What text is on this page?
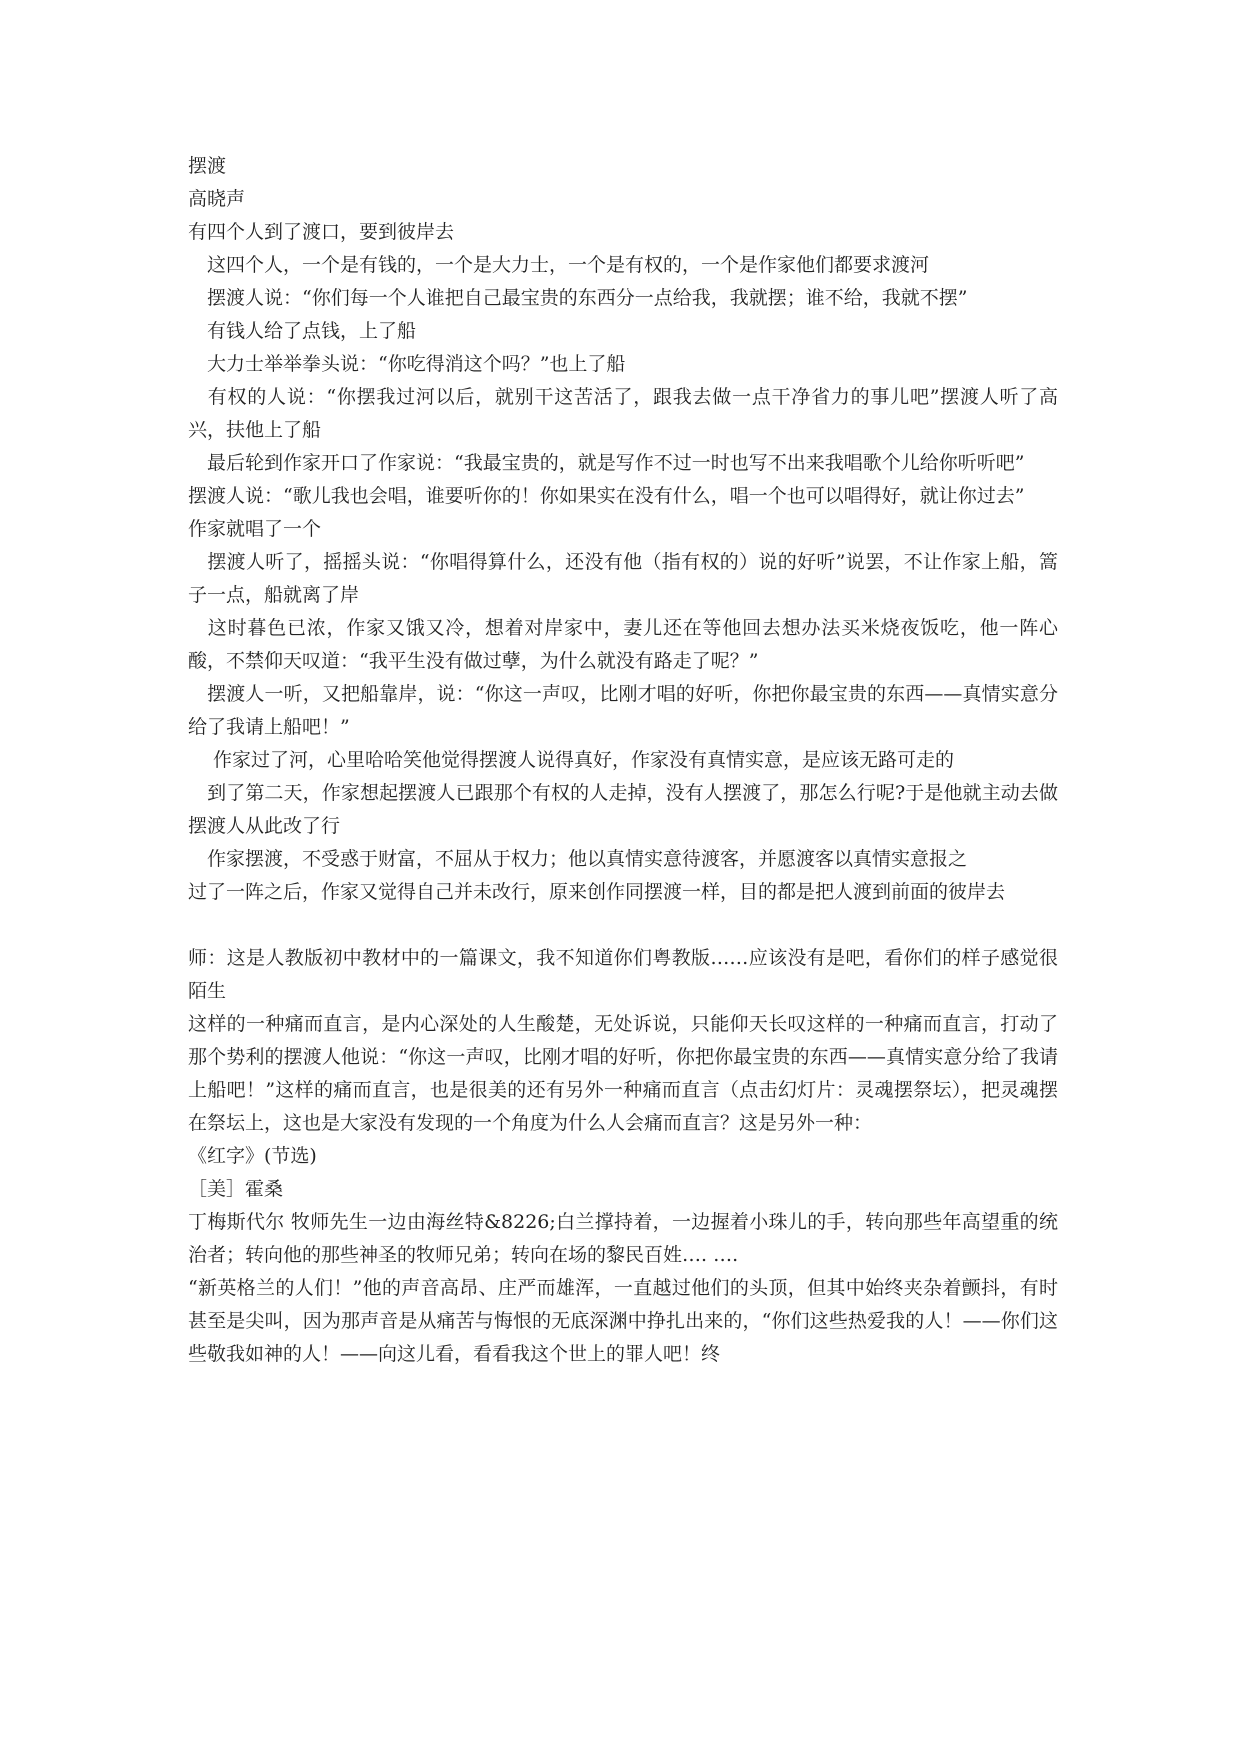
摆渡

高晓声

有四个人到了渡口，要到彼岸去

　这四个人，一个是有钱的，一个是大力士，一个是有权的，一个是作家他们都要求渡河

　摆渡人说：“你们每一个人谁把自己最宝贵的东西分一点给我，我就摆；谁不给，我就不摆”

　有钱人给了点钱，上了船

　大力士举举拳头说：“你吃得消这个吗？”也上了船

　有权的人说：“你摆我过河以后，就别干这苦活了，跟我去做一点干净省力的事儿吧”摆渡人听了高兴，扶他上了船

　最后轮到作家开口了作家说：“我最宝贵的，就是写作不过一时也写不出来我唱歌个儿给你听听吧”

摆渡人说：“歌儿我也会唱，谁要听你的！你如果实在没有什么，唱一个也可以唱得好，就让你过去”

作家就唱了一个

　摆渡人听了，摇摇头说：“你唱得算什么，还没有他（指有权的）说的好听”说罢，不让作家上船，篙子一点，船就离了岸

　这时暮色已浓，作家又饿又冷，想着对岸家中，妻儿还在等他回去想办法买米烧夜饭吃，他一阵心酸，不禁仰天叹道：“我平生没有做过孽，为什么就没有路走了呢？”

　摆渡人一听，又把船靠岸，说：“你这一声叹，比刚才唱的好听，你把你最宝贵的东西——真情实意分给了我请上船吧！”

　 作家过了河，心里哈哈笑他觉得摆渡人说得真好，作家没有真情实意，是应该无路可走的

　到了第二天，作家想起摆渡人已跟那个有权的人走掉，没有人摆渡了，那怎么行呢?于是他就主动去做摆渡人从此改了行

　作家摆渡，不受惑于财富，不屈从于权力；他以真情实意待渡客，并愿渡客以真情实意报之

过了一阵之后，作家又觉得自己并未改行，原来创作同摆渡一样，目的都是把人渡到前面的彼岸去

师：这是人教版初中教材中的一篇课文，我不知道你们粤教版……应该没有是吧，看你们的样子感觉很陌生

这样的一种痛而直言，是内心深处的人生酸楚，无处诉说，只能仰天长叹这样的一种痛而直言，打动了那个势利的摆渡人他说：“你这一声叹，比刚才唱的好听，你把你最宝贵的东西——真情实意分给了我请上船吧！”这样的痛而直言，也是很美的还有另外一种痛而直言（点击幻灯片：灵魂摆祭坛），把灵魂摆在祭坛上，这也是大家没有发现的一个角度为什么人会痛而直言？这是另外一种：

《红字》(节选)

［美］霍桑

丁梅斯代尔 牧师先生一边由海丝特&8226;白兰撑持着，一边握着小珠儿的手，转向那些年高望重的统治者；转向他的那些神圣的牧师兄弟；转向在场的黎民百姓…. ….

“新英格兰的人们！”他的声音高昂、庄严而雄浑，一直越过他们的头顶，但其中始终夹杂着颤抖，有时甚至是尖叫，因为那声音是从痛苦与悔恨的无底深渊中挣扎出来的，“你们这些热爱我的人！——你们这些敬我如神的人！——向这儿看，看看我这个世上的罪人吧！终
